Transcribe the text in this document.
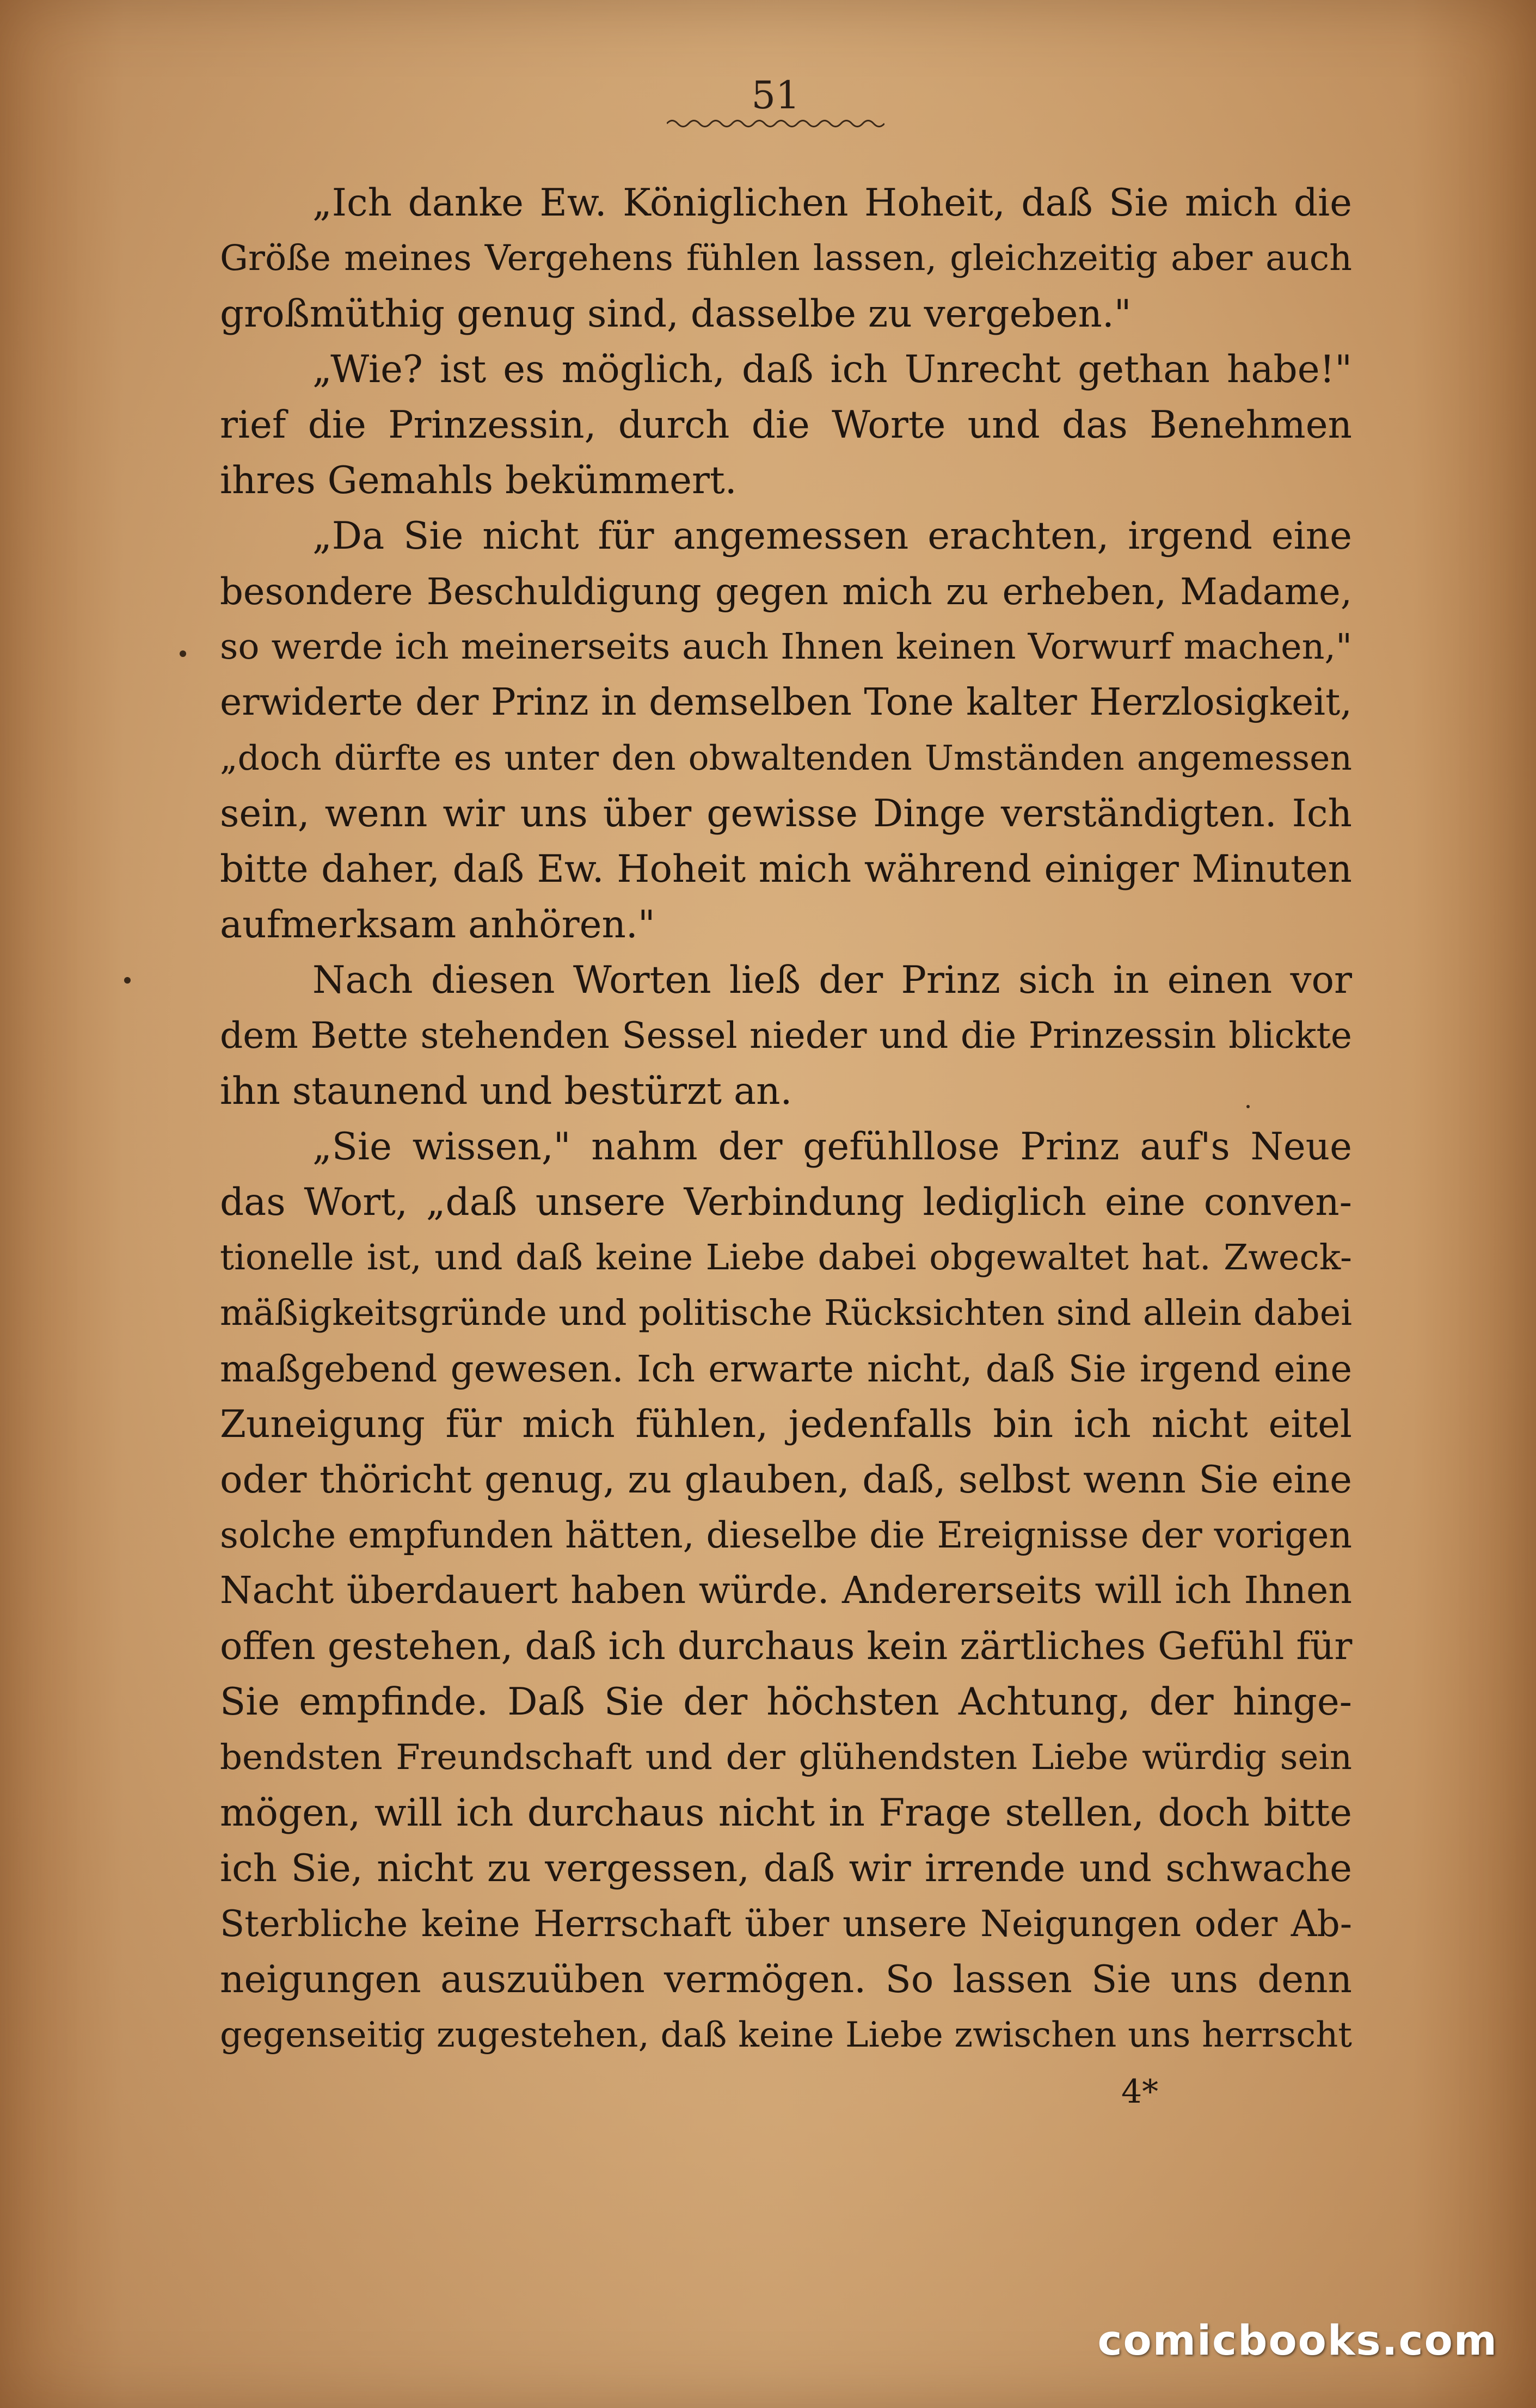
51
„Ich danke Ew. Königlichen Hoheit, daß Sie mich die
Größe meines Vergehens fühlen lassen, gleichzeitig aber auch
großmüthig genug sind, dasselbe zu vergeben."
„Wie? ist es möglich, daß ich Unrecht gethan habe!"
rief die Prinzessin, durch die Worte und das Benehmen
ihres Gemahls bekümmert.
„Da Sie nicht für angemessen erachten, irgend eine
besondere Beschuldigung gegen mich zu erheben, Madame,
so werde ich meinerseits auch Ihnen keinen Vorwurf machen,"
erwiderte der Prinz in demselben Tone kalter Herzlosigkeit,
„doch dürfte es unter den obwaltenden Umständen angemessen
sein, wenn wir uns über gewisse Dinge verständigten. Ich
bitte daher, daß Ew. Hoheit mich während einiger Minuten
aufmerksam anhören."
Nach diesen Worten ließ der Prinz sich in einen vor
dem Bette stehenden Sessel nieder und die Prinzessin blickte
ihn staunend und bestürzt an.
„Sie wissen," nahm der gefühllose Prinz auf's Neue
das Wort, „daß unsere Verbindung lediglich eine conven-
tionelle ist, und daß keine Liebe dabei obgewaltet hat. Zweck-
mäßigkeitsgründe und politische Rücksichten sind allein dabei
maßgebend gewesen. Ich erwarte nicht, daß Sie irgend eine
Zuneigung für mich fühlen, jedenfalls bin ich nicht eitel
oder thöricht genug, zu glauben, daß, selbst wenn Sie eine
solche empfunden hätten, dieselbe die Ereignisse der vorigen
Nacht überdauert haben würde. Andererseits will ich Ihnen
offen gestehen, daß ich durchaus kein zärtliches Gefühl für
Sie empfinde. Daß Sie der höchsten Achtung, der hinge-
bendsten Freundschaft und der glühendsten Liebe würdig sein
mögen, will ich durchaus nicht in Frage stellen, doch bitte
ich Sie, nicht zu vergessen, daß wir irrende und schwache
Sterbliche keine Herrschaft über unsere Neigungen oder Ab-
neigungen auszuüben vermögen. So lassen Sie uns denn
gegenseitig zugestehen, daß keine Liebe zwischen uns herrscht
4*
comicbooks.com
